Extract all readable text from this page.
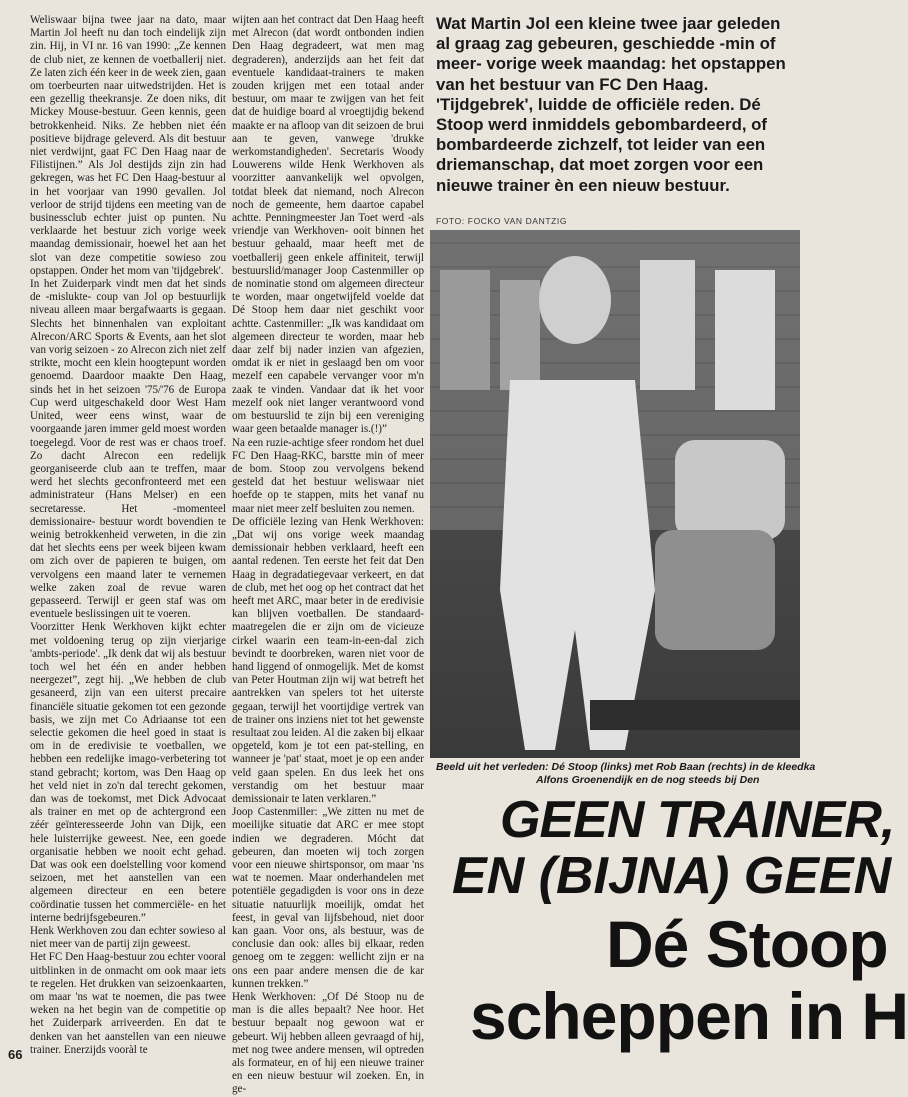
Weliswaar bijna twee jaar na dato, maar Martin Jol heeft nu dan toch eindelijk zijn zin. Hij, in VI nr. 16 van 1990: „Ze kennen de club niet, ze kennen de voetballerij niet. Ze laten zich één keer in de week zien, gaan om toerbeurten naar uitwedstrijden. Het is een gezellig theekransje. Ze doen niks, dit Mickey Mouse-bestuur. Geen kennis, geen betrokkenheid. Niks. Ze hebben niet één positieve bijdrage geleverd. Als dit bestuur niet verdwijnt, gaat FC Den Haag naar de Filistijnen.” Als Jol destijds zijn zin had gekregen, was het FC Den Haag-bestuur al in het voorjaar van 1990 gevallen. Jol verloor de strijd tijdens een meeting van de businessclub echter juist op punten. Nu verklaarde het bestuur zich vorige week maandag demissionair, hoewel het aan het slot van deze competitie sowieso zou opstappen. Onder het mom van 'tijdgebrek'.

In het Zuiderpark vindt men dat het sinds de -mislukte- coup van Jol op bestuurlijk niveau alleen maar bergafwaarts is gegaan. Slechts het binnenhalen van exploitant Alrecon/ARC Sports & Events, aan het slot van vorig seizoen - zo Alrecon zich niet zelf strikte, mocht een klein hoogtepunt worden genoemd. Daardoor maakte Den Haag, sinds het in het seizoen '75/'76 de Europa Cup werd uitgeschakeld door West Ham United, weer eens winst, waar de voorgaande jaren immer geld moest worden toegelegd. Voor de rest was er chaos troef. Zo dacht Alrecon een redelijk georganiseerde club aan te treffen, maar werd het slechts geconfronteerd met een administrateur (Hans Melser) en een secretaresse. Het -momenteel demissionaire- bestuur wordt bovendien te weinig betrokkenheid verweten, in die zin dat het slechts eens per week bijeen kwam om zich over de papieren te buigen, om vervolgens een maand later te vernemen welke zaken zoal de revue waren gepasseerd. Terwijl er geen staf was om eventuele beslissingen uit te voeren.

Voorzitter Henk Werkhoven kijkt echter met voldoening terug op zijn vierjarige 'ambts-periode'. „Ik denk dat wij als bestuur toch wel het één en ander hebben neergezet”, zegt hij. „We hebben de club gesaneerd, zijn van een uiterst precaire financiële situatie gekomen tot een gezonde basis, we zijn met Co Adriaanse tot een selectie gekomen die heel goed in staat is om in de eredivisie te voetballen, we hebben een redelijke imago-verbetering tot stand gebracht; kortom, was Den Haag op het veld niet in zo'n dal terecht gekomen, dan was de toekomst, met Dick Advocaat als trainer en met op de achtergrond een zéér geïnteresseerde John van Dijk, een hele luisterrijke geweest. Nee, een goede organisatie hebben we nooit echt gehad. Dat was ook een doelstelling voor komend seizoen, met het aanstellen van een algemeen directeur en een betere coördinatie tussen het commerciële- en het interne bedrijfsgebeuren.”

Henk Werkhoven zou dan echter sowieso al niet meer van de partij zijn geweest.

Het FC Den Haag-bestuur zou echter vooral uitblinken in de onmacht om ook maar iets te regelen. Het drukken van seizoenkaarten, om maar 'ns wat te noemen, die pas twee weken na het begin van de competitie op het Zuiderpark arriveerden. En dat te denken van het aanstellen van een nieuwe trainer. Enerzijds vooràl te

wijten aan het contract dat Den Haag heeft met Alrecon (dat wordt ontbonden indien Den Haag degradeert, wat men mag degraderen), anderzijds aan het feit dat eventuele kandidaat-trainers te maken zouden krijgen met een totaal ander bestuur, om maar te zwijgen van het feit dat de huidige board al vroegtijdig bekend maakte er na afloop van dit seizoen de brui aan te geven, vanwege 'drukke werkomstandigheden'. Secretaris Woody Louwerens wilde Henk Werkhoven als voorzitter aanvankelijk wel opvolgen, totdat bleek dat niemand, noch Alrecon noch de gemeente, hem daartoe capabel achtte. Penningmeester Jan Toet werd -als vriendje van Werkhoven- ooit binnen het bestuur gehaald, maar heeft met de voetballerij geen enkele affiniteit, terwijl bestuurslid/manager Joop Castenmiller op de nominatie stond om algemeen directeur te worden, maar ongetwijfeld voelde dat Dé Stoop hem daar niet geschikt voor achtte. Castenmiller: „Ik was kandidaat om algemeen directeur te worden, maar heb daar zelf bij nader inzien van afgezien, omdat ik er niet in geslaagd ben om voor mezelf een capabele vervanger voor m'n zaak te vinden. Vandaar dat ik het voor mezelf ook niet langer verantwoord vond om bestuurslid te zijn bij een vereniging waar geen betaalde manager is.(!)”

Na een ruzie-achtige sfeer rondom het duel FC Den Haag-RKC, barstte min of meer de bom. Stoop zou vervolgens bekend gesteld dat het bestuur weliswaar niet hoefde op te stappen, mits het vanaf nu maar niet meer zelf besluiten zou nemen.

De officiële lezing van Henk Werkhoven: „Dat wij ons vorige week maandag demissionair hebben verklaard, heeft een aantal redenen. Ten eerste het feit dat Den Haag in degradatiegevaar verkeert, en dat de club, met het oog op het contract dat het heeft met ARC, maar beter in de eredivisie kan blijven voetballen. De standaard-maatregelen die er zijn om de vicieuze cirkel waarin een team-in-een-dal zich bevindt te doorbreken, waren niet voor de hand liggend of onmogelijk. Met de komst van Peter Houtman zijn wij wat betreft het aantrekken van spelers tot het uiterste gegaan, terwijl het voortijdige vertrek van de trainer ons inziens niet tot het gewenste resultaat zou leiden. Al die zaken bij elkaar opgeteld, kom je tot een pat-stelling, en wanneer je 'pat' staat, moet je op een ander veld gaan spelen. En dus leek het ons verstandig om het bestuur maar demissionair te laten verklaren.”

Joop Castenmiller: „We zitten nu met de moeilijke situatie dat ARC er mee stopt indien we degraderen. Mócht dat gebeuren, dan moeten wij toch zorgen voor een nieuwe shirtsponsor, om maar 'ns wat te noemen. Maar onderhandelen met potentiële gegadigden is voor ons in deze situatie natuurlijk moeilijk, omdat het feest, in geval van lijfsbehoud, niet door kan gaan. Voor ons, als bestuur, was de conclusie dan ook: alles bij elkaar, reden genoeg om te zeggen: wellicht zijn er na ons een paar andere mensen die de kar kunnen trekken.”

Henk Werkhoven: „Of Dé Stoop nu de man is die alles bepaalt? Nee hoor. Het bestuur bepaalt nog gewoon wat er gebeurt. Wij hebben alleen gevraagd of hij, met nog twee andere mensen, wil optreden als formateur, en of hij een nieuwe trainer en een nieuw bestuur wil zoeken. En, in ge-

66
Wat Martin Jol een kleine twee jaar geleden al graag zag gebeuren, geschiedde -min of meer- vorige week maandag: het opstappen van het bestuur van FC Den Haag. 'Tijdgebrek', luidde de officiële reden. Dé Stoop werd inmiddels gebombardeerd, of bombardeerde zichzelf, tot leider van een driemanschap, dat moet zorgen voor een nieuwe trainer èn een nieuw bestuur.
FOTO: FOCKO VAN DANTZIG
Beeld uit het verleden: Dé Stoop (links) met Rob Baan (rechts) in de kleedka
Alfons Groenendijk en de nog steeds bij Den
GEEN TRAINER,
EN (BIJNA) GEEN
Dé Stoop
scheppen in H
